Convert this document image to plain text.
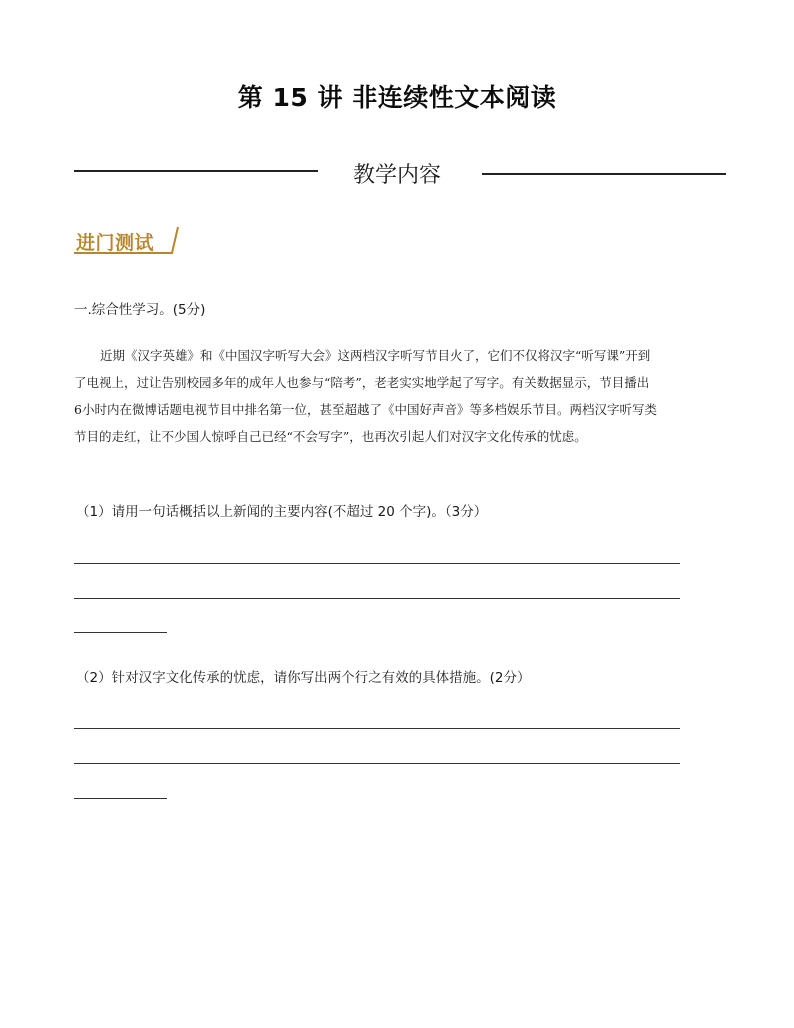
第 15 讲 非连续性文本阅读
教学内容
进门测试
一.综合性学习。(5分)
近期《汉字英雄》和《中国汉字听写大会》这两档汉字听写节目火了，它们不仅将汉字“听写课”开到
了电视上，过让告别校园多年的成年人也参与“陪考”，老老实实地学起了写字。有关数据显示，节目播出
6小时内在微博话题电视节目中排名第一位，甚至超越了《中国好声音》等多档娱乐节目。两档汉字听写类
节目的走红，让不少国人惊呼自己已经“不会写字”，也再次引起人们对汉字文化传承的忧虑。
（1）请用一句话概括以上新闻的主要内容(不超过 20 个字)。（3分）
（2）针对汉字文化传承的忧虑，请你写出两个行之有效的具体措施。(2分）
